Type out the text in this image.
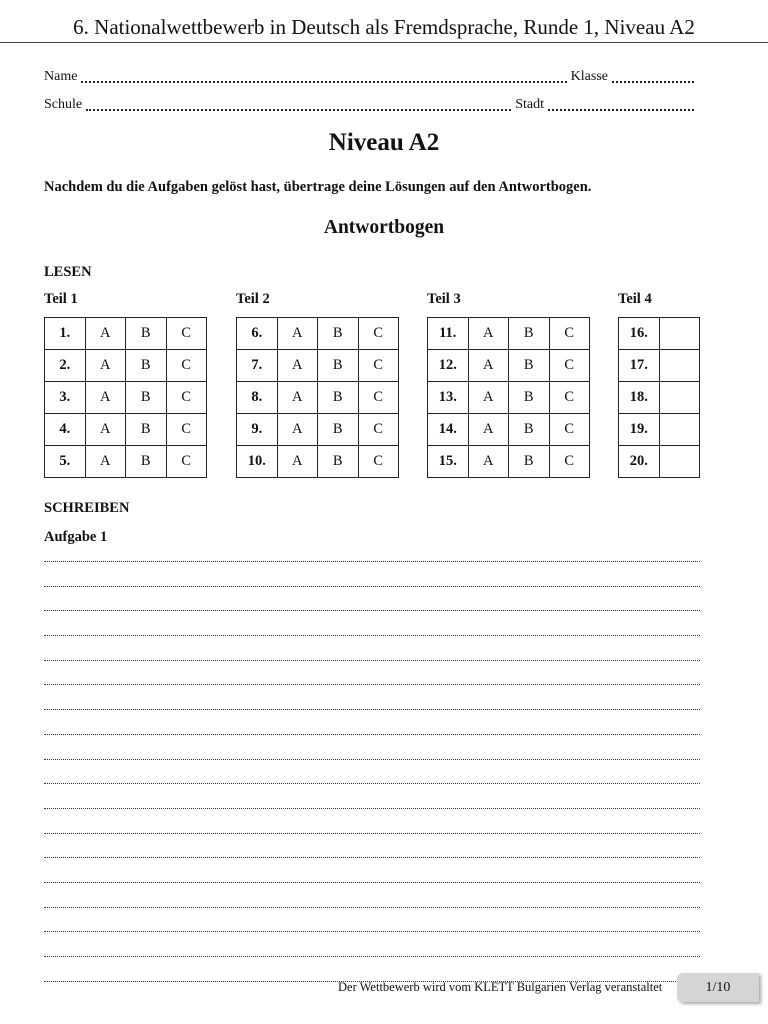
6. Nationalwettbewerb in Deutsch als Fremdsprache, Runde 1, Niveau A2
Name	Klasse
Schule	Stadt
Niveau A2
Nachdem du die Aufgaben gelöst hast, übertrage deine Lösungen auf den Antwortbogen.
Antwortbogen
LESEN
Teil 1
1.	A	B	C
2.	A	B	C
3.	A	B	C
4.	A	B	C
5.	A	B	C
Teil 2
6.	A	B	C
7.	A	B	C
8.	A	B	C
9.	A	B	C
10.	A	B	C
Teil 3
11.	A	B	C
12.	A	B	C
13.	A	B	C
14.	A	B	C
15.	A	B	C
Teil 4
16.	
17.	
18.	
19.	
20.	
SCHREIBEN
Aufgabe 1
Der Wettbewerb wird vom KLETT Bulgarien Verlag veranstaltet	1/10
